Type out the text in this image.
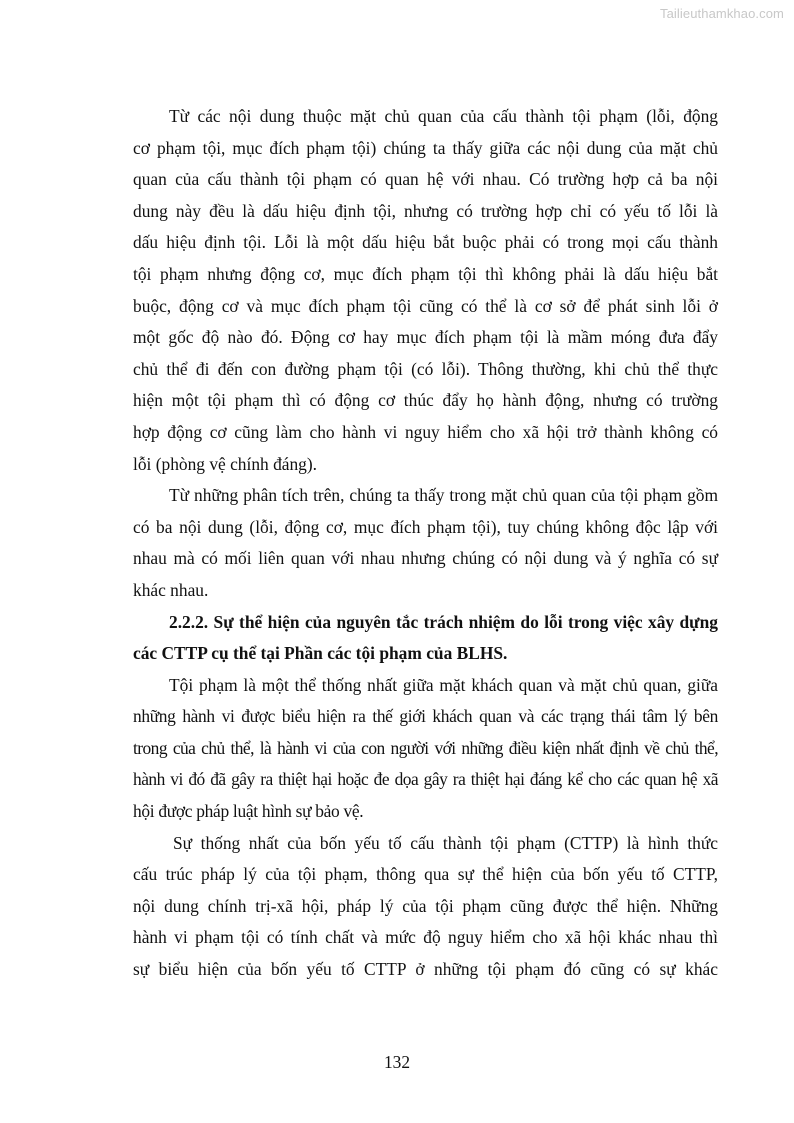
Tailieuthamkhao.com
Từ các nội dung thuộc mặt chủ quan của cấu thành tội phạm (lỗi, động
cơ phạm tội, mục đích phạm tội) chúng ta thấy giữa các nội dung của mặt chủ
quan của cấu thành tội phạm có quan hệ với nhau. Có trường hợp cả ba nội
dung này đều là dấu hiệu định tội, nhưng có trường hợp chỉ có yếu tố lỗi là
dấu hiệu định tội. Lỗi là một dấu hiệu bắt buộc phải có trong mọi cấu thành
tội phạm nhưng động cơ, mục đích phạm tội thì không phải là dấu hiệu bắt
buộc, động cơ và mục đích phạm tội cũng có thể là cơ sở để phát sinh lỗi ở
một gốc độ nào đó. Động cơ hay mục đích phạm tội là mầm móng đưa đẩy
chủ thể đi đến con đường phạm tội (có lỗi). Thông thường, khi chủ thể thực
hiện một tội phạm thì có động cơ thúc đẩy họ hành động, nhưng có trường
hợp động cơ cũng làm cho hành vi nguy hiểm cho xã hội trở thành không có
lỗi (phòng vệ chính đáng).
Từ những phân tích trên, chúng ta thấy trong mặt chủ quan của tội phạm gồm
có ba nội dung (lỗi, động cơ, mục đích phạm tội), tuy chúng không độc lập với
nhau mà có mối liên quan với nhau nhưng chúng có nội dung và ý nghĩa có sự
khác nhau.
2.2.2. Sự thể hiện của nguyên tắc trách nhiệm do lỗi trong việc xây dựng
các CTTP cụ thể tại Phần các tội phạm của BLHS.
Tội phạm là một thể thống nhất giữa mặt khách quan và mặt chủ quan, giữa
những hành vi được biểu hiện ra thế giới khách quan và các trạng thái tâm lý bên
trong của chủ thể, là hành vi của con người với những điều kiện nhất định về chủ thể,
hành vi đó đã gây ra thiệt hại hoặc đe dọa gây ra thiệt hại đáng kể cho các quan hệ xã
hội được pháp luật hình sự bảo vệ.
Sự thống nhất của bốn yếu tố cấu thành tội phạm (CTTP) là hình thức
cấu trúc pháp lý của tội phạm, thông qua sự thể hiện của bốn yếu tố CTTP,
nội dung chính trị-xã hội, pháp lý của tội phạm cũng được thể hiện. Những
hành vi phạm tội có tính chất và mức độ nguy hiểm cho xã hội khác nhau thì
sự biểu hiện của bốn yếu tố CTTP ở những tội phạm đó cũng có sự khác
132
